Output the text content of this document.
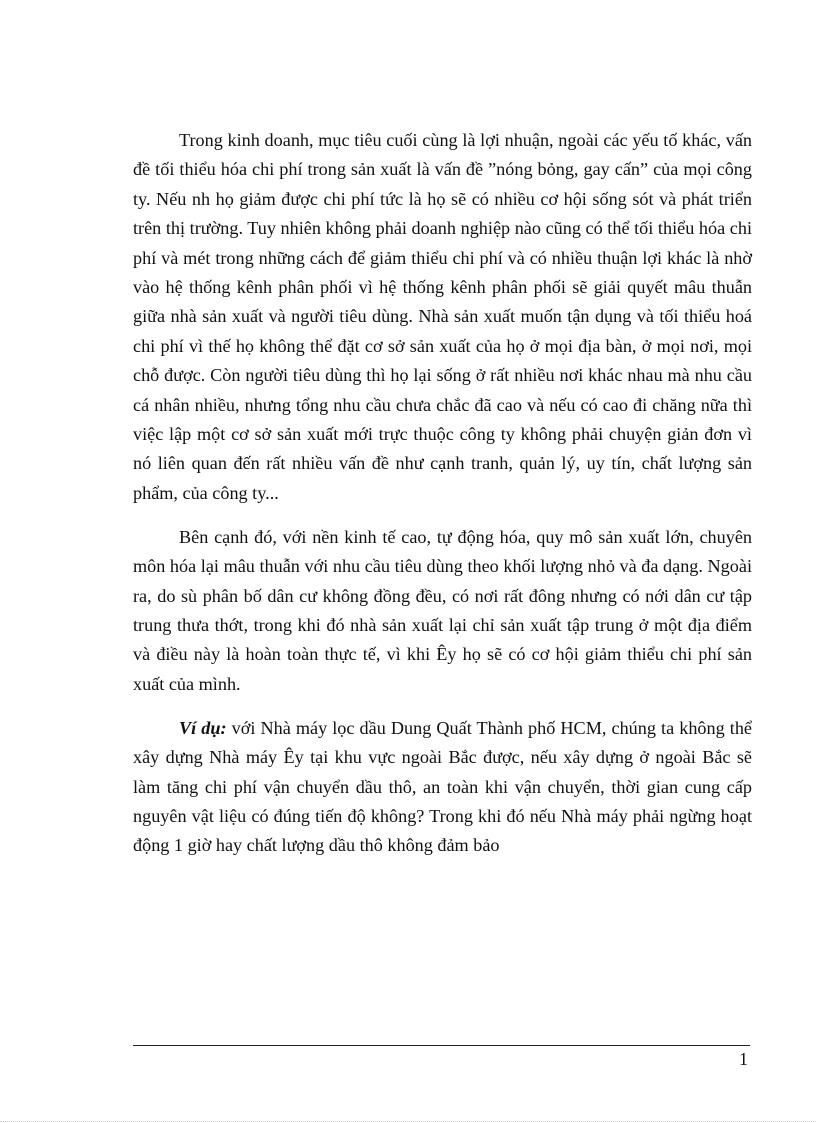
Trong kinh doanh, mục tiêu cuối cùng là lợi nhuận, ngoài các yếu tố khác, vấn đề tối thiểu hóa chi phí trong sản xuất là vấn đề ”nóng bỏng, gay cấn” của mọi công ty. Nếu nh họ giảm được chi phí tức là họ sẽ có nhiều cơ hội sống sót và phát triển trên thị trường. Tuy nhiên không phải doanh nghiệp nào cũng có thể tối thiểu hóa chi phí và mét trong những cách để giảm thiểu chi phí và có nhiều thuận lợi khác là nhờ vào hệ thống kênh phân phối vì hệ thống kênh phân phối sẽ giải quyết mâu thuẫn giữa nhà sản xuất và người tiêu dùng. Nhà sản xuất muốn tận dụng và tối thiểu hoá chi phí vì thế họ không thể đặt cơ sở sản xuất của họ ở mọi địa bàn, ở mọi nơi, mọi chỗ được. Còn người tiêu dùng thì họ lại sống ở rất nhiều nơi khác nhau mà nhu cầu cá nhân nhiều, nhưng tổng nhu cầu chưa chắc đã cao và nếu có cao đi chăng nữa thì việc lập một cơ sở sản xuất mới trực thuộc công ty không phải chuyện giản đơn vì nó liên quan đến rất nhiều vấn đề như cạnh tranh, quản lý, uy tín, chất lượng sản phẩm, của công ty...

Bên cạnh đó, với nền kinh tế cao, tự động hóa, quy mô sản xuất lớn, chuyên môn hóa lại mâu thuẫn với nhu cầu tiêu dùng theo khối lượng nhỏ và đa dạng. Ngoài ra, do sù phân bố dân cư không đồng đều, có nơi rất đông nhưng có nới dân cư tập trung thưa thớt, trong khi đó nhà sản xuất lại chỉ sản xuất tập trung ở một địa điểm và điều này là hoàn toàn thực tế, vì khi Êy họ sẽ có cơ hội giảm thiểu chi phí sản xuất của mình.

Ví dụ: với Nhà máy lọc dầu Dung Quất Thành phố HCM, chúng ta không thể xây dựng Nhà máy Êy tại khu vực ngoài Bắc được, nếu xây dựng ở ngoài Bắc sẽ làm tăng chi phí vận chuyển dầu thô, an toàn khi vận chuyển, thời gian cung cấp nguyên vật liệu có đúng tiến độ không? Trong khi đó nếu Nhà máy phải ngừng hoạt động 1 giờ hay chất lượng dầu thô không đảm bảo

1
